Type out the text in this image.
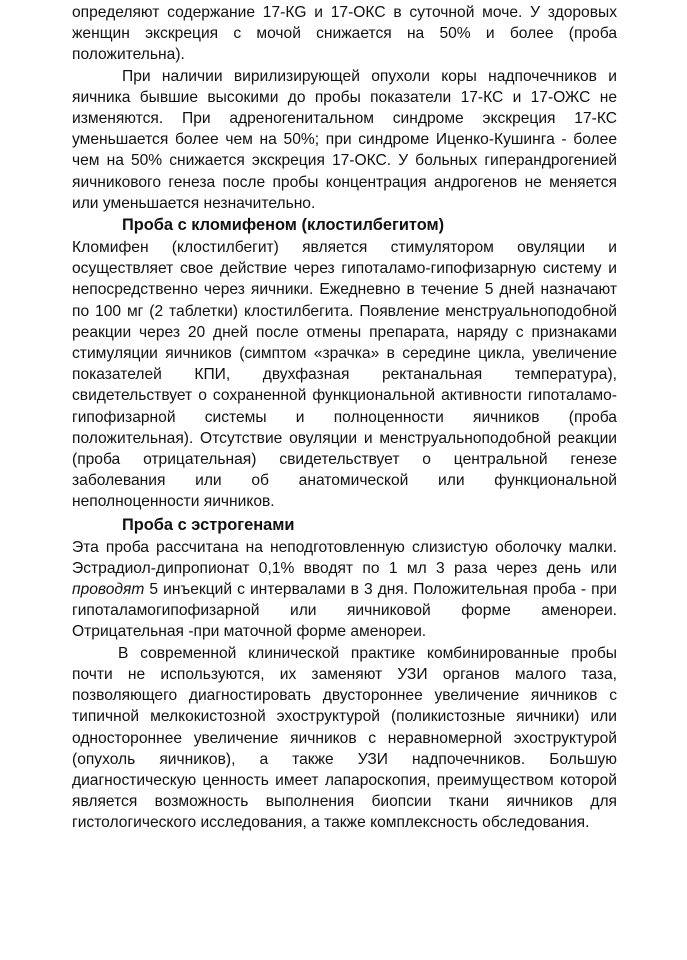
определяют содержание 17-КG и 17-ОКС в суточной моче. У здоровых женщин экскреция с мочой снижается на 50% и более (проба положительна).

При наличии вирилизирующей опухоли коры надпочечников и яичника бывшие высокими до пробы показатели 17-КС и 17-ОЖС не изменяются. При адреногенитальном синдроме экскреция 17-КС уменьшается более чем на 50%; при синдроме Иценко-Кушинга - более чем на 50% снижается экскреция 17-ОКС. У больных гиперандрогенией яичникового генеза после пробы концентрация андрогенов не меняется или уменьшается незначительно.

Проба с кломифеном (клостилбегитом)

Кломифен (клостилбегит) является стимулятором овуляции и осуществляет свое действие через гипоталамо-гипофизарную систему и непосредственно через яичники. Ежедневно в течение 5 дней назначают по 100 мг (2 таблетки) клостилбегита. Появление менструальноподобной реакции через 20 дней после отмены препарата, наряду с признаками стимуляции яичников (симптом «зрачка» в середине цикла, увеличение показателей КПИ, двухфазная ректанальная температура), свидетельствует о сохраненной функциональной активности гипоталамо-гипофизарной системы и полноценности яичников (проба положительная). Отсутствие овуляции и менструальноподобной реакции (проба отрицательная) свидетельствует о центральной генезе заболевания или об анатомической или функциональной неполноценности яичников.

Проба с эстрогенами

Эта проба рассчитана на неподготовленную слизистую оболочку малки. Эстрадиол-дипропионат 0,1% вводят по 1 мл 3 раза через день или проводят 5 инъекций с интервалами в 3 дня. Положительная проба - при гипоталамогипофизарной или яичниковой форме аменореи. Отрицательная -при маточной форме аменореи.

В современной клинической практике комбинированные пробы почти не используются, их заменяют УЗИ органов малого таза, позволяющего диагностировать двустороннее увеличение яичников с типичной мелкокистозной эхоструктурой (поликистозные яичники) или одностороннее увеличение яичников с неравномерной эхоструктурой (опухоль яичников), а также УЗИ надпочечников. Большую диагностическую ценность имеет лапароскопия, преимуществом которой является возможность выполнения биопсии ткани яичников для гистологического исследования, а также комплексность обследования.
